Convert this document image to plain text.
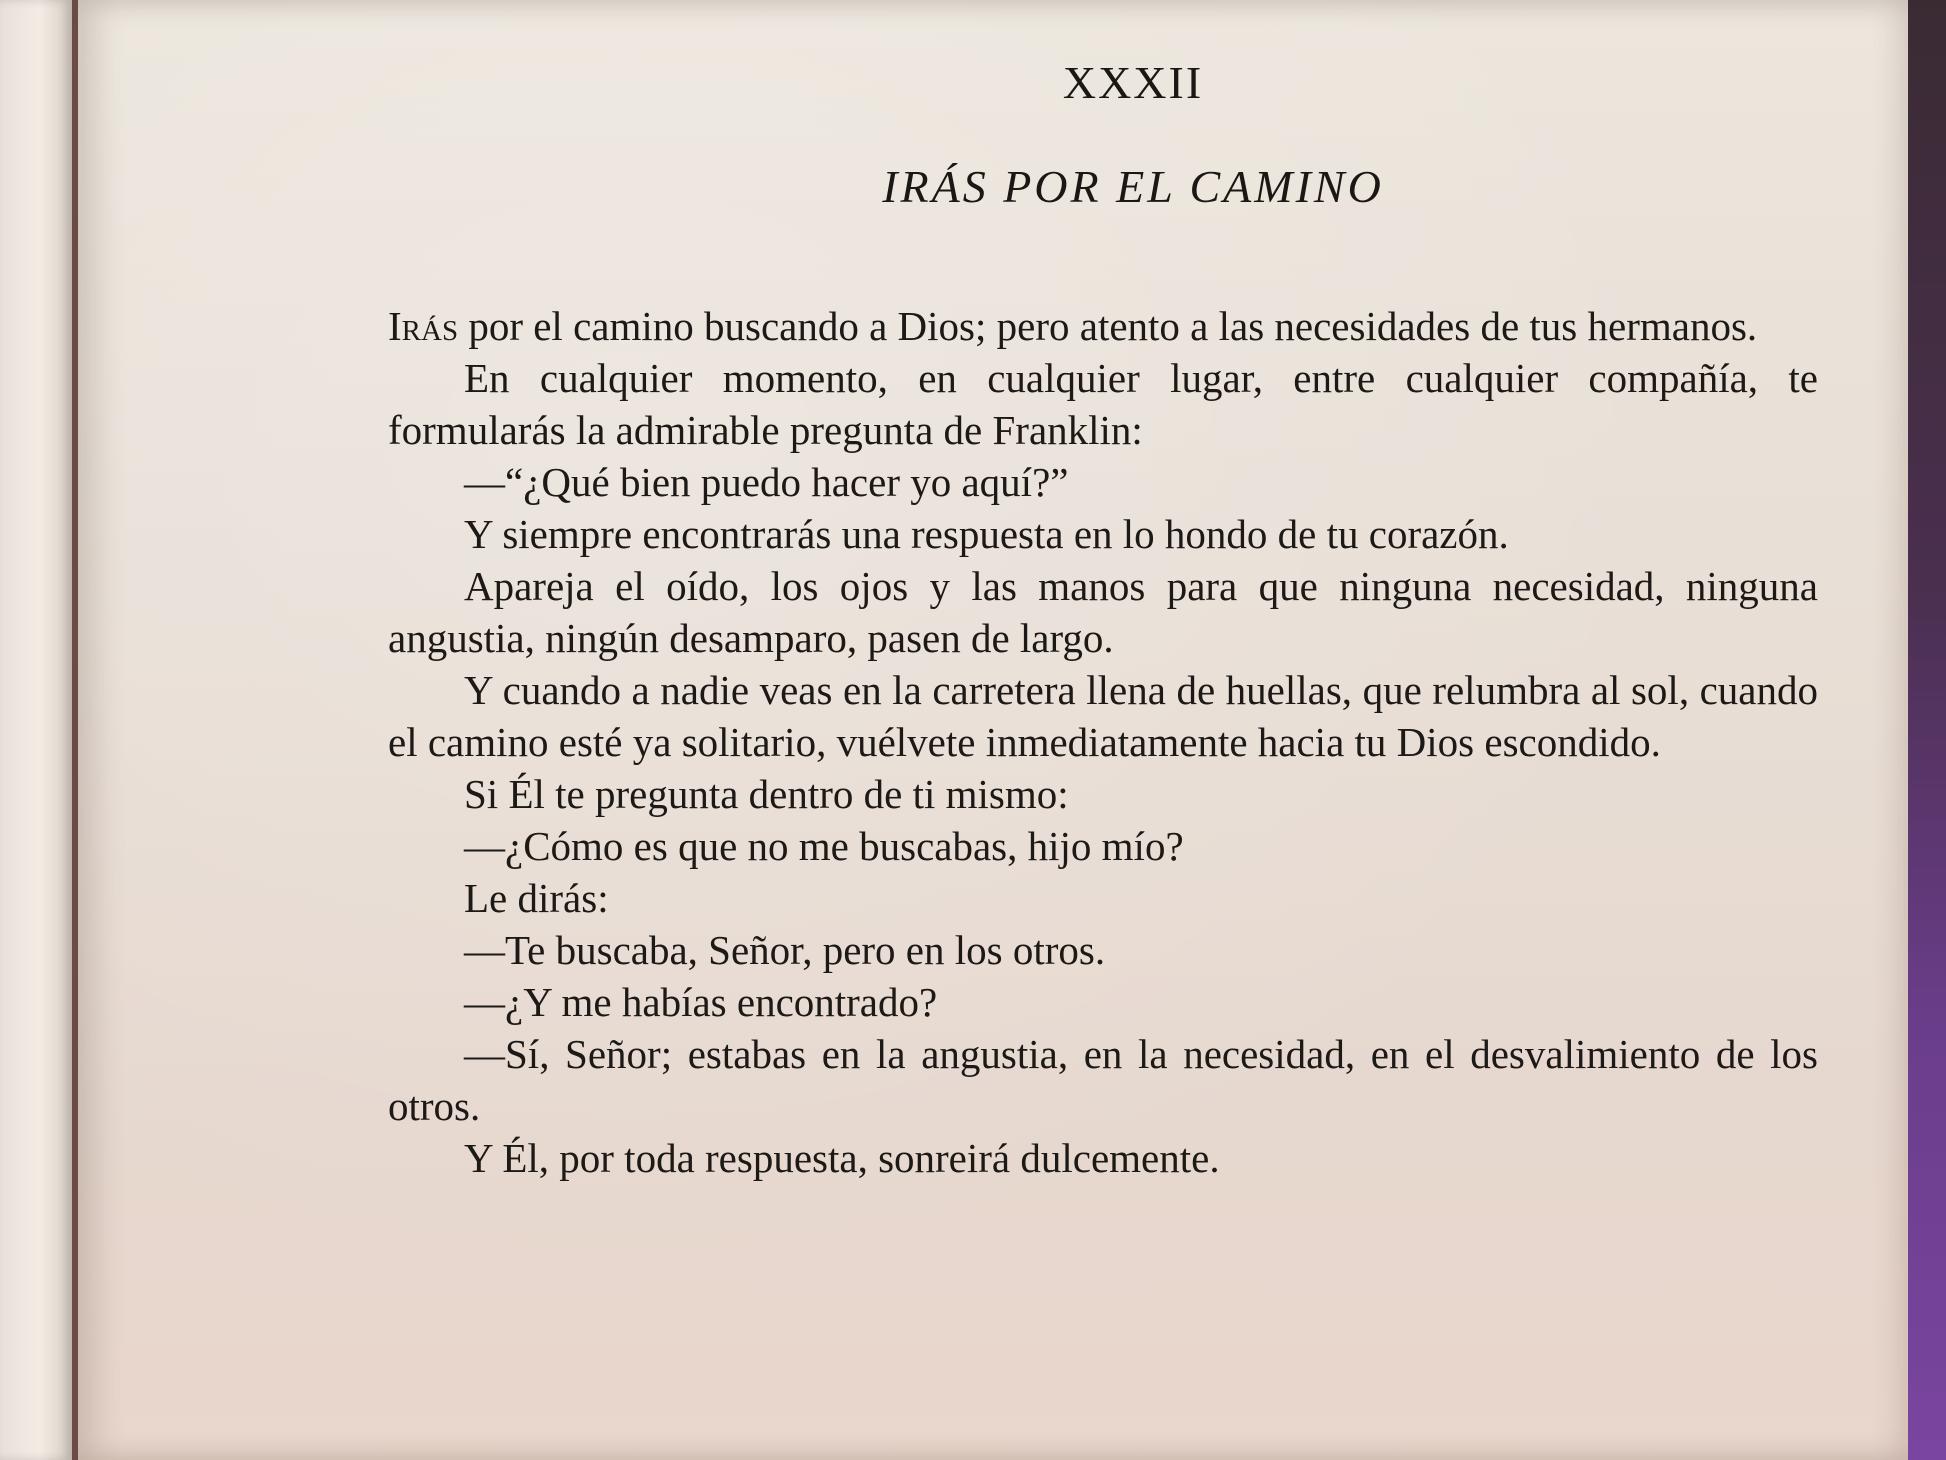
XXXII
IRÁS POR EL CAMINO

Irás por el camino buscando a Dios; pero atento a las necesidades de tus hermanos.

En cualquier momento, en cualquier lugar, entre cualquier compañía, te formularás la admirable pregunta de Franklin:

—“¿Qué bien puedo hacer yo aquí?”

Y siempre encontrarás una respuesta en lo hondo de tu corazón.

Apareja el oído, los ojos y las manos para que ninguna necesidad, ninguna angustia, ningún desamparo, pasen de largo.

Y cuando a nadie veas en la carretera llena de huellas, que relumbra al sol, cuando el camino esté ya solitario, vuélvete inmediatamente hacia tu Dios escondido.

Si Él te pregunta dentro de ti mismo:

—¿Cómo es que no me buscabas, hijo mío?

Le dirás:

—Te buscaba, Señor, pero en los otros.

—¿Y me habías encontrado?

—Sí, Señor; estabas en la angustia, en la necesidad, en el desvalimiento de los otros.

Y Él, por toda respuesta, sonreirá dulcemente.
